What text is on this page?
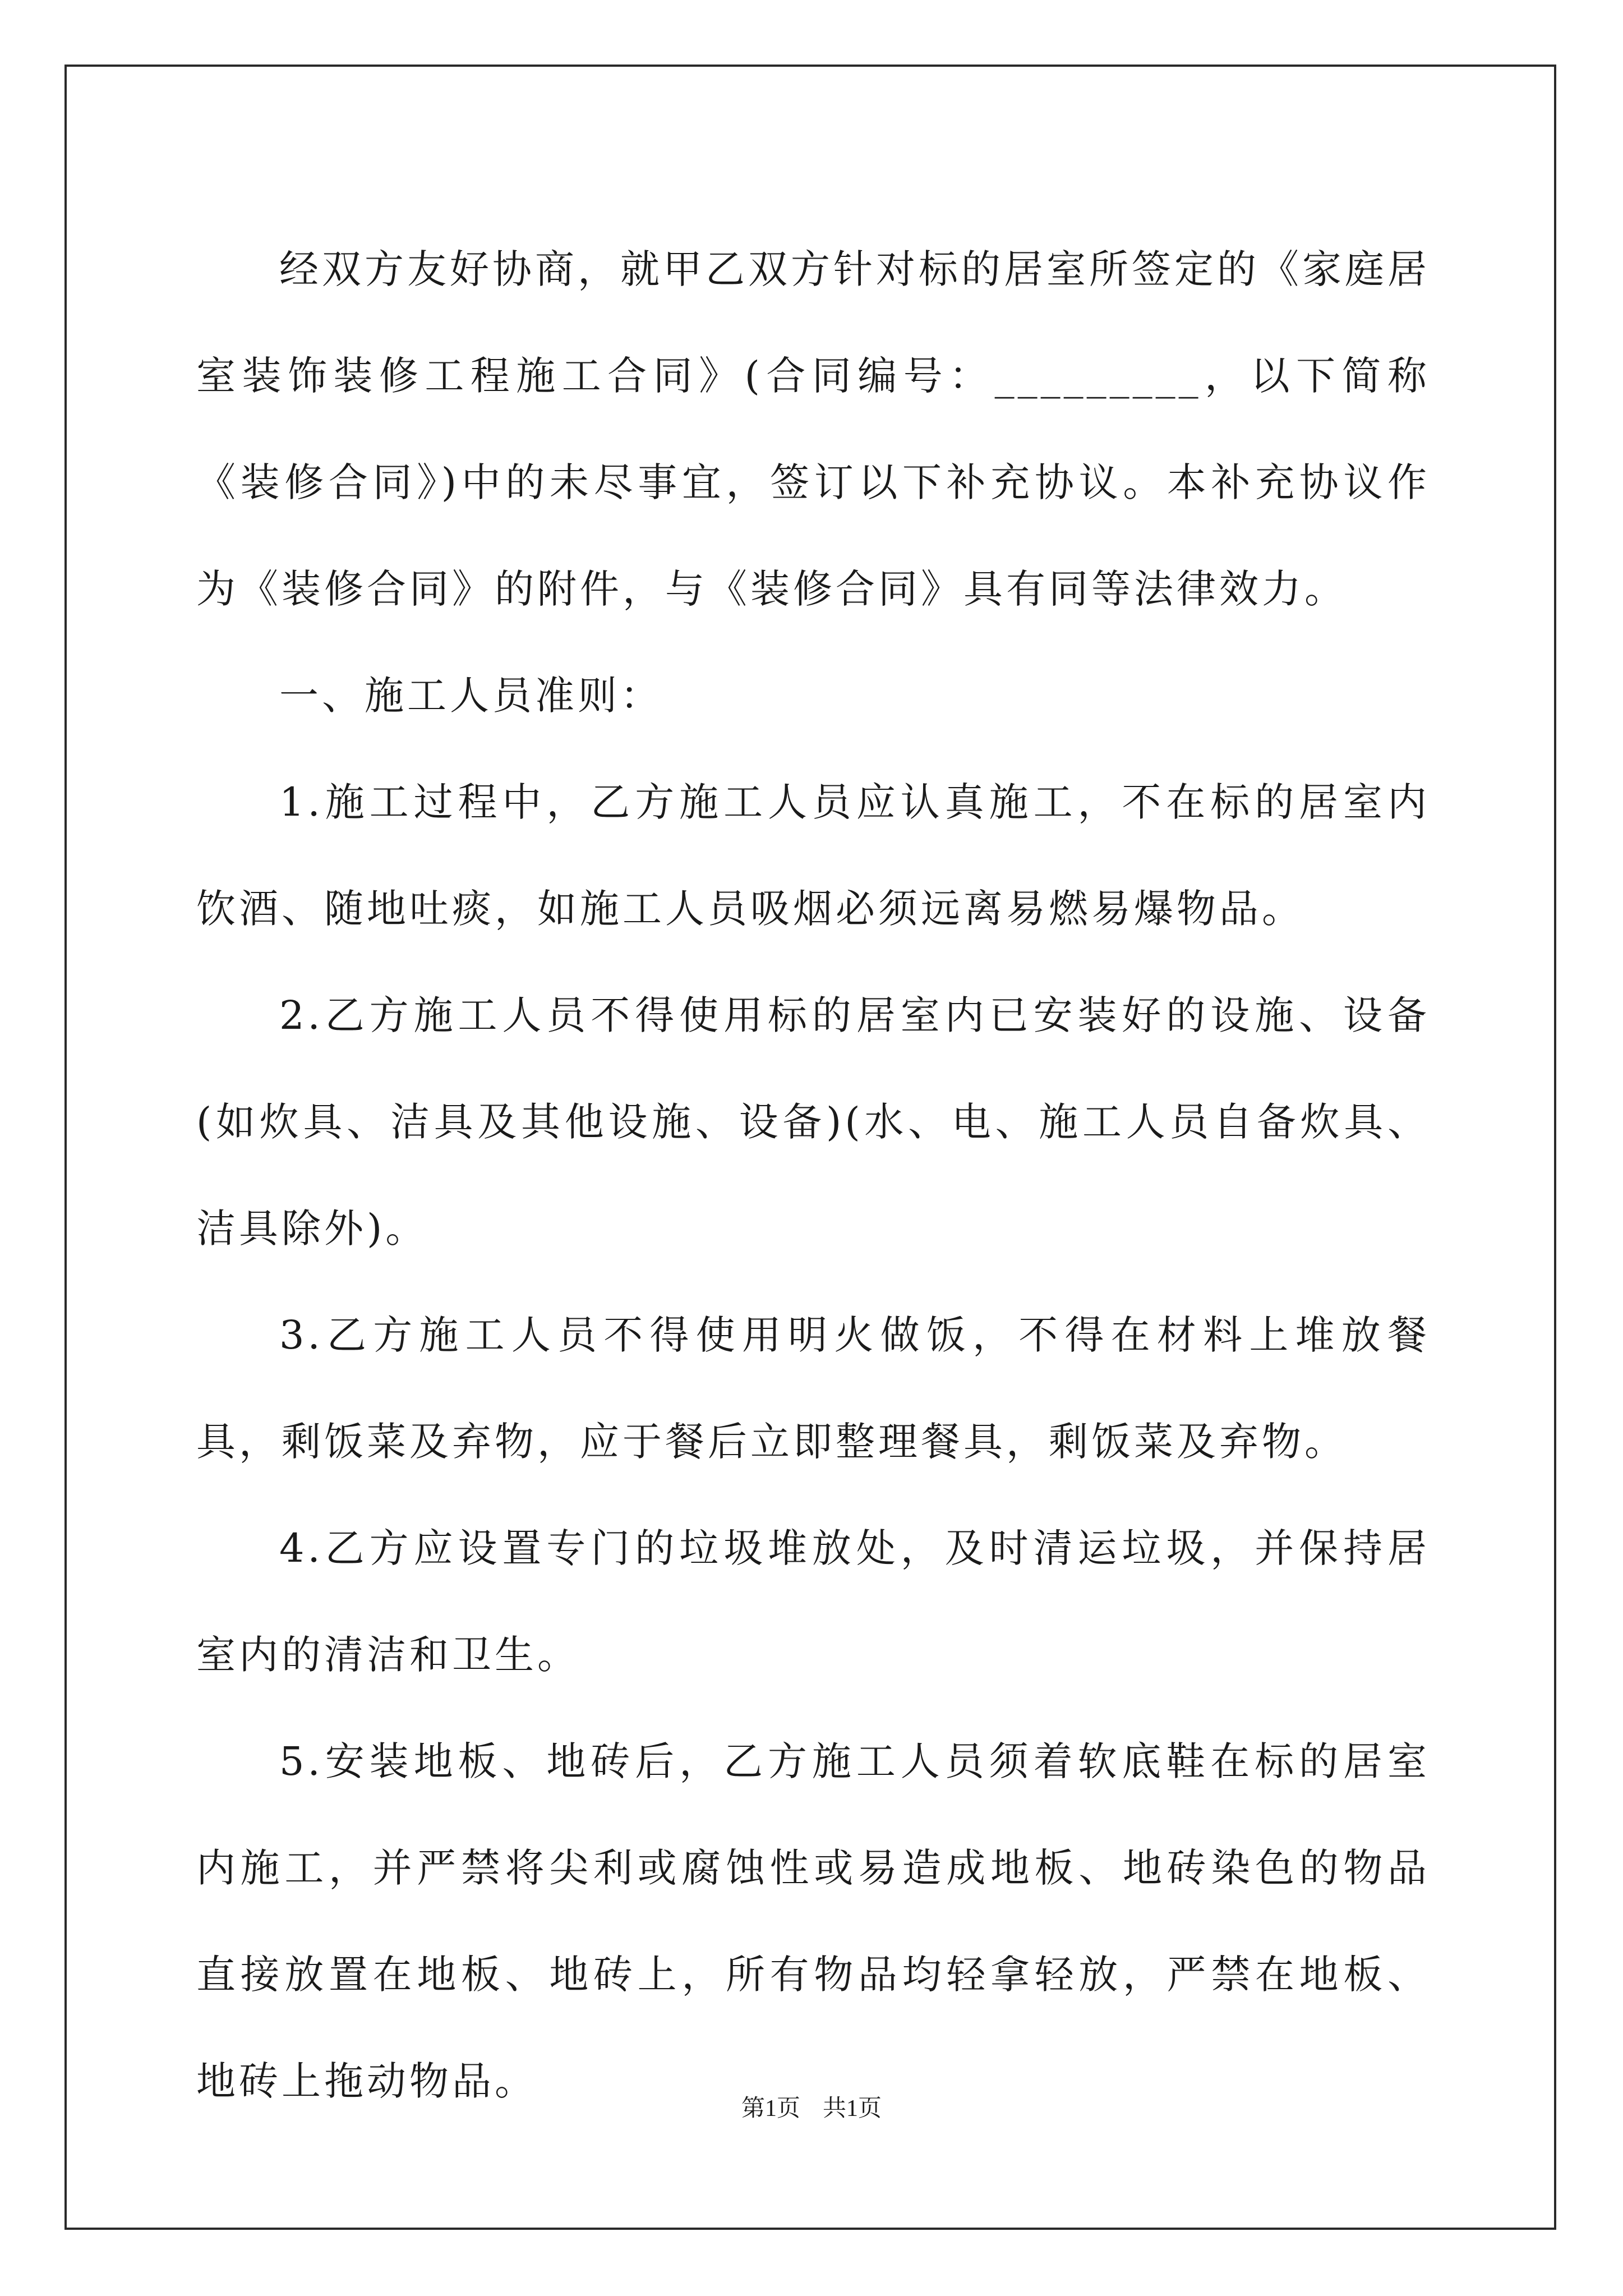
经双方友好协商，就甲乙双方针对标的居室所签定的《家庭居室装饰装修工程施工合同》(合同编号：_________，以下简称《装修合同》)中的未尽事宜，签订以下补充协议。本补充协议作为《装修合同》的附件，与《装修合同》具有同等法律效力。

一、施工人员准则：

1.施工过程中，乙方施工人员应认真施工，不在标的居室内饮酒、随地吐痰，如施工人员吸烟必须远离易燃易爆物品。

2.乙方施工人员不得使用标的居室内已安装好的设施、设备(如炊具、洁具及其他设施、设备)(水、电、施工人员自备炊具、洁具除外)。

3.乙方施工人员不得使用明火做饭，不得在材料上堆放餐具，剩饭菜及弃物，应于餐后立即整理餐具，剩饭菜及弃物。

4.乙方应设置专门的垃圾堆放处，及时清运垃圾，并保持居室内的清洁和卫生。

5.安装地板、地砖后，乙方施工人员须着软底鞋在标的居室内施工，并严禁将尖利或腐蚀性或易造成地板、地砖染色的物品直接放置在地板、地砖上，所有物品均轻拿轻放，严禁在地板、地砖上拖动物品。

第1页 共1页
